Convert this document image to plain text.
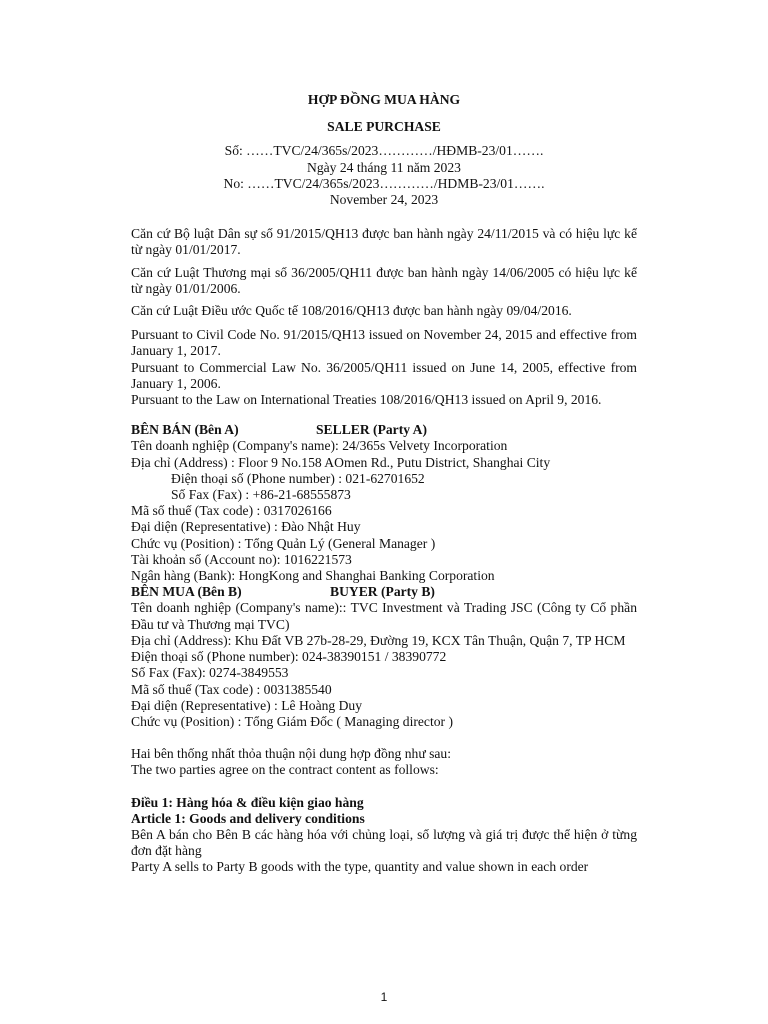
HỢP ĐỒNG MUA HÀNG
SALE PURCHASE
Số: ……TVC/24/365s/2023…………/HĐMB-23/01…….
Ngày 24 tháng 11 năm 2023
No: ……TVC/24/365s/2023…………/HDMB-23/01…….
November 24, 2023
Căn cứ Bộ luật Dân sự số 91/2015/QH13 được ban hành ngày 24/11/2015 và có hiệu lực kể từ ngày 01/01/2017.
Căn cứ Luật Thương mại số 36/2005/QH11 được ban hành ngày 14/06/2005 có hiệu lực kể từ ngày 01/01/2006.
Căn cứ Luật Điều ước Quốc tế 108/2016/QH13 được ban hành ngày 09/04/2016.
Pursuant to Civil Code No. 91/2015/QH13 issued on November 24, 2015 and effective from January 1, 2017.
Pursuant to Commercial Law No. 36/2005/QH11 issued on June 14, 2005, effective from January 1, 2006.
Pursuant to the Law on International Treaties 108/2016/QH13 issued on April 9, 2016.
BÊN BÁN (Bên A)	SELLER (Party A)
Tên doanh nghiệp (Company's name): 24/365s Velvety Incorporation
Địa chỉ (Address) : Floor 9 No.158 AOmen Rd., Putu District, Shanghai City
Điện thoại số (Phone number) : 021-62701652
Số Fax (Fax) : +86-21-68555873
Mã số thuế (Tax code) : 0317026166
Đại diện (Representative) : Đào Nhật Huy
Chức vụ (Position) : Tổng Quản Lý (General Manager )
Tài khoản số (Account no): 1016221573
Ngân hàng (Bank): HongKong and Shanghai Banking Corporation
BÊN MUA (Bên B)	BUYER (Party B)
Tên doanh nghiệp (Company's name):: TVC Investment và Trading JSC (Công ty Cổ phần Đầu tư và Thương mại TVC)
Địa chỉ (Address): Khu Đất VB 27b-28-29, Đường 19, KCX Tân Thuận, Quận 7, TP HCM
Điện thoại số (Phone number): 024-38390151 / 38390772
Số Fax (Fax): 0274-3849553
Mã số thuế (Tax code) : 0031385540
Đại diện (Representative) : Lê Hoàng Duy
Chức vụ (Position) : Tổng Giám Đốc ( Managing director )
Hai bên thống nhất thỏa thuận nội dung hợp đồng như sau:
The two parties agree on the contract content as follows:
Điều 1: Hàng hóa & điều kiện giao hàng
Article 1: Goods and delivery conditions
Bên A bán cho Bên B các hàng hóa với chủng loại, số lượng và giá trị được thể hiện ở từng đơn đặt hàng
Party A sells to Party B goods with the type, quantity and value shown in each order
1
